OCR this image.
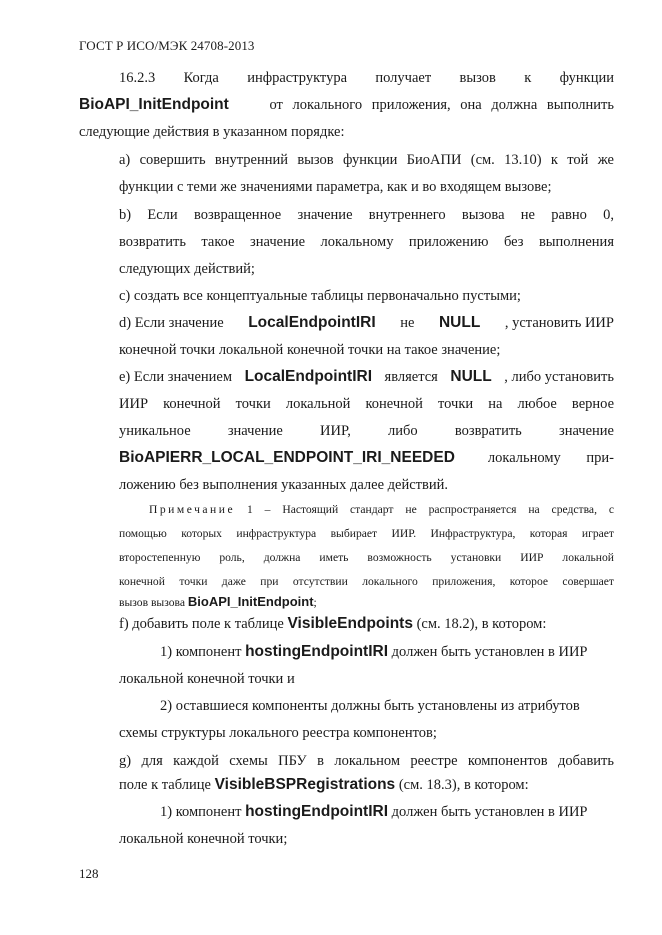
ГОСТ Р ИСО/МЭК 24708-2013
16.2.3 Когда инфраструктура получает вызов к функции
BioAPI_InitEndpoint	от локального приложения, она должна выполнить
следующие действия в указанном порядке:
а) совершить внутренний вызов функции БиоАПИ (см. 13.10) к той же
функции с теми же значениями параметра, как и во входящем вызове;
b) Если возвращенное значение внутреннего вызова не равно 0,
возвратить такое значение локальному приложению без выполнения
следующих действий;
c) создать все концептуальные таблицы первоначально пустыми;
d) Если значение LocalEndpointIRI не NULL , установить ИИР
конечной точки локальной конечной точки на такое значение;
e) Если значением LocalEndpointIRI является NULL , либо установить
ИИР конечной точки локальной конечной точки на любое верное
уникальное значение ИИР, либо возвратить значение
BioAPIERR_LOCAL_ENDPOINT_IRI_NEEDED локальному при-
ложению без выполнения указанных далее действий.
Примечание 1 – Настоящий стандарт не распространяется на средства, с
помощью которых инфраструктура выбирает ИИР. Инфраструктура, которая играет
второстепенную роль, должна иметь возможность установки ИИР локальной
конечной точки даже при отсутствии локального приложения, которое совершает
вызов вызова BioAPI_InitEndpoint;
f) добавить поле к таблице VisibleEndpoints (см. 18.2), в котором:
1) компонент hostingEndpointIRI должен быть установлен в ИИР
локальной конечной точки и
2) оставшиеся компоненты должны быть установлены из атрибутов
схемы структуры локального реестра компонентов;
g) для каждой схемы ПБУ в локальном реестре компонентов добавить
поле к таблице VisibleBSPRegistrations (см. 18.3), в котором:
1) компонент hostingEndpointIRI должен быть установлен в ИИР
локальной конечной точки;
128
